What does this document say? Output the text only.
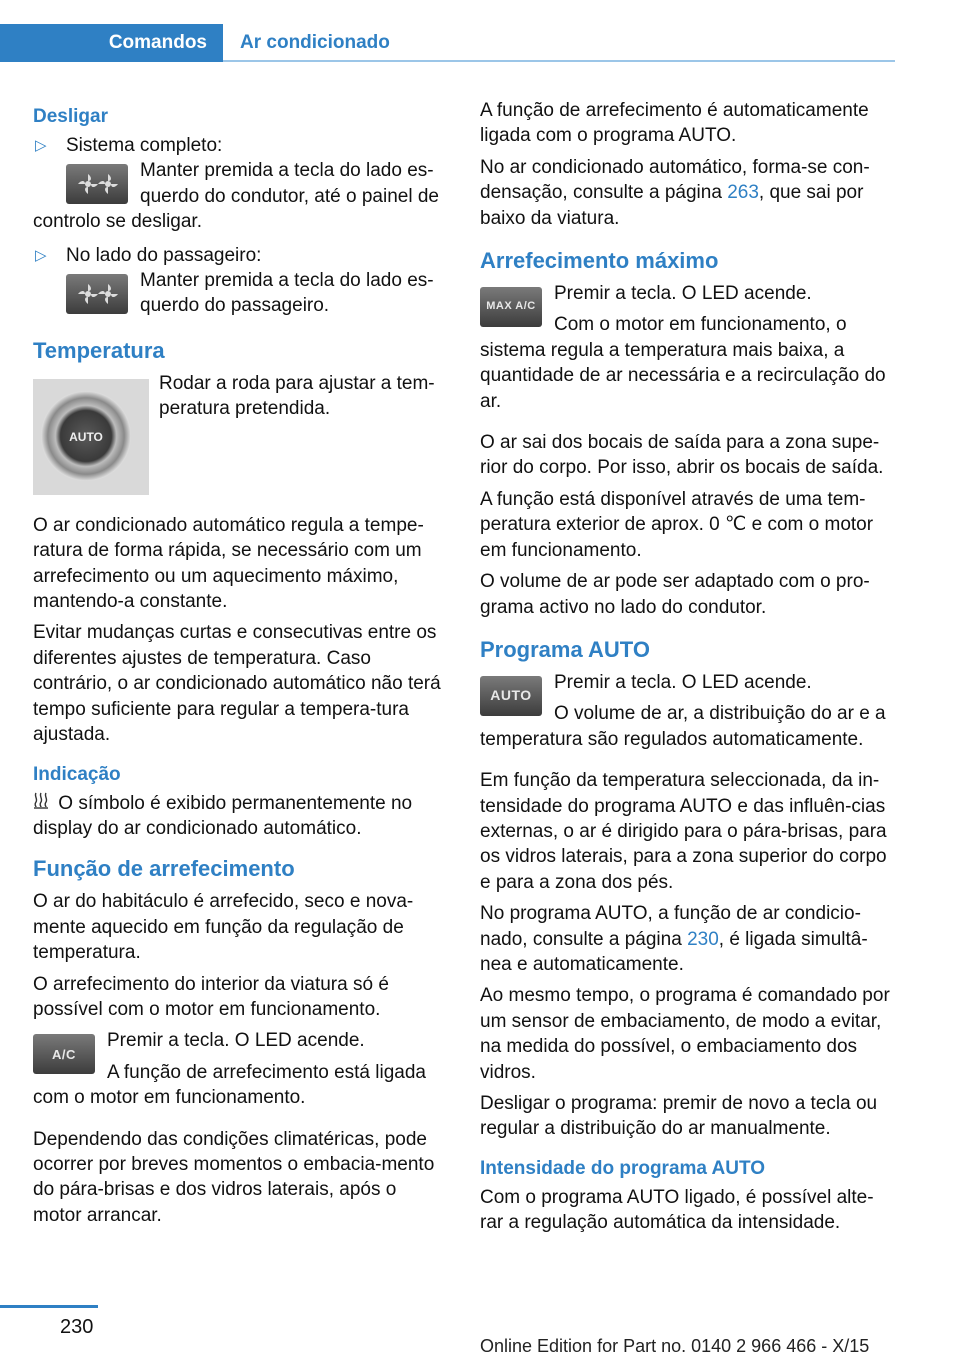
Comandos	Ar condicionado
Desligar
▷ Sistema completo:
Manter premida a tecla do lado es‐querdo do condutor, até o painel de controlo se desligar.
▷ No lado do passageiro:
Manter premida a tecla do lado es‐querdo do passageiro.
Temperatura
AUTO

Rodar a roda para ajustar a tem‐peratura pretendida.

O ar condicionado automático regula a tempe‐ratura de forma rápida, se necessário com um arrefecimento ou um aquecimento máximo, mantendo-a constante.

Evitar mudanças curtas e consecutivas entre os diferentes ajustes de temperatura. Caso contrário, o ar condicionado automático não terá tempo suficiente para regular a tempera‐tura ajustada.

Indicação

O símbolo é exibido permanentemente no display do ar condicionado automático.

Função de arrefecimento

O ar do habitáculo é arrefecido, seco e nova‐mente aquecido em função da regulação de temperatura.

O arrefecimento do interior da viatura só é possível com o motor em funcionamento.

A/C

Premir a tecla. O LED acende.

A função de arrefecimento está ligada com o motor em funcionamento.

Dependendo das condições climatéricas, pode ocorrer por breves momentos o embacia‐mento do pára-brisas e dos vidros laterais, após o motor arrancar.

A função de arrefecimento é automaticamente ligada com o programa AUTO.

No ar condicionado automático, forma-se con‐densação, consulte a página 263, que sai por baixo da viatura.

Arrefecimento máximo
MAX A/C

Premir a tecla. O LED acende.

Com o motor em funcionamento, o sistema regula a temperatura mais baixa, a quantidade de ar necessária e a recirculação do ar.

O ar sai dos bocais de saída para a zona supe‐rior do corpo. Por isso, abrir os bocais de saída.

A função está disponível através de uma tem‐peratura exterior de aprox. 0 ℃ e com o motor em funcionamento.

O volume de ar pode ser adaptado com o pro‐grama activo no lado do condutor.

Programa AUTO
AUTO

Premir a tecla. O LED acende.

O volume de ar, a distribuição do ar e a temperatura são regulados automaticamente.

Em função da temperatura seleccionada, da in‐tensidade do programa AUTO e das influên‐cias externas, o ar é dirigido para o pára-brisas, para os vidros laterais, para a zona superior do corpo e para a zona dos pés.

No programa AUTO, a função de ar condicio‐nado, consulte a página 230, é ligada simultâ‐nea e automaticamente.

Ao mesmo tempo, o programa é comandado por um sensor de embaciamento, de modo a evitar, na medida do possível, o embaciamento dos vidros.

Desligar o programa: premir de novo a tecla ou regular a distribuição do ar manualmente.

Intensidade do programa AUTO

Com o programa AUTO ligado, é possível alte‐rar a regulação automática da intensidade.

230
Online Edition for Part no. 0140 2 966 466 - X/15
